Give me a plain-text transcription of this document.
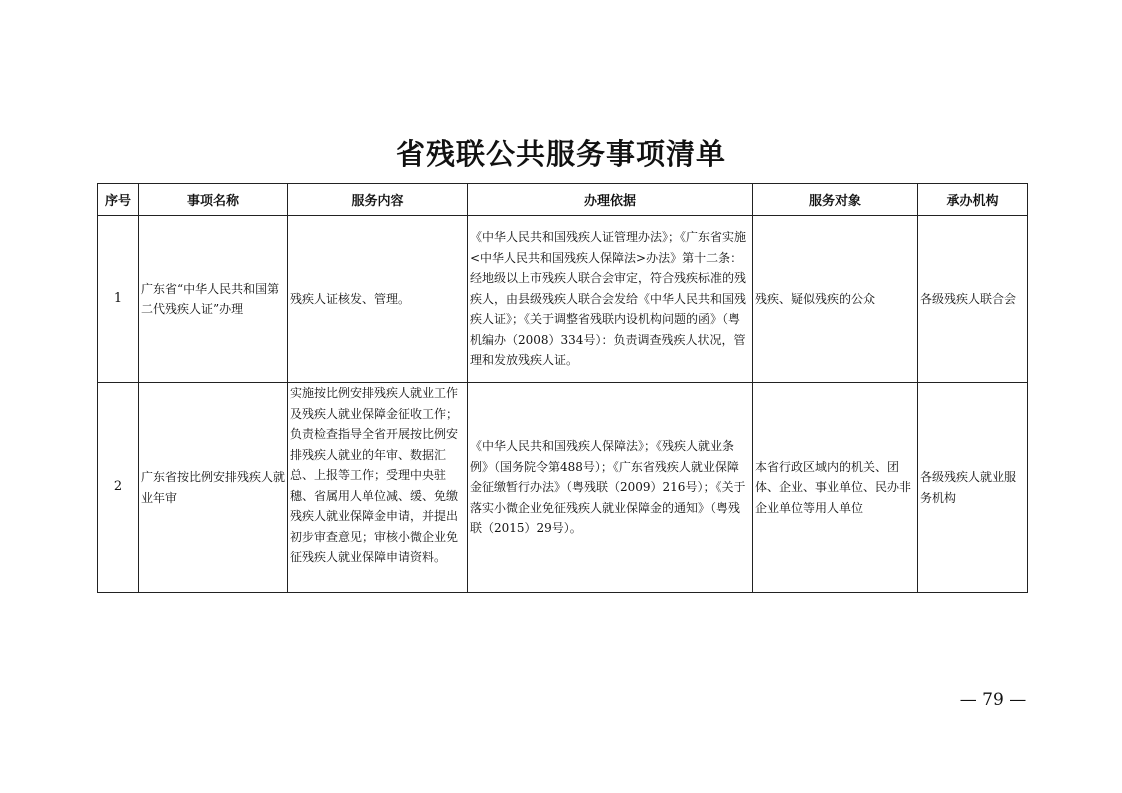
省残联公共服务事项清单
序号	事项名称	服务内容	办理依据	服务对象	承办机构
1	广东省“中华人民共和国第二代残疾人证”办理	残疾人证核发、管理。	《中华人民共和国残疾人证管理办法》；《广东省实施<中华人民共和国残疾人保障法>办法》第十二条：经地级以上市残疾人联合会审定，符合残疾标准的残疾人，由县级残疾人联合会发给《中华人民共和国残疾人证》；《关于调整省残联内设机构问题的函》（粤机编办（2008）334号）：负责调查残疾人状况，管理和发放残疾人证。	残疾、疑似残疾的公众	各级残疾人联合会
2	广东省按比例安排残疾人就业年审	实施按比例安排残疾人就业工作及残疾人就业保障金征收工作；负责检查指导全省开展按比例安排残疾人就业的年审、数据汇总、上报等工作；受理中央驻穗、省属用人单位减、缓、免缴残疾人就业保障金申请，并提出初步审查意见；审核小微企业免征残疾人就业保障申请资料。	《中华人民共和国残疾人保障法》；《残疾人就业条例》（国务院令第488号）；《广东省残疾人就业保障金征缴暂行办法》（粤残联（2009）216号）；《关于落实小微企业免征残疾人就业保障金的通知》（粤残联（2015）29号）。	本省行政区域内的机关、团体、企业、事业单位、民办非企业单位等用人单位	各级残疾人就业服务机构
— 79 —
